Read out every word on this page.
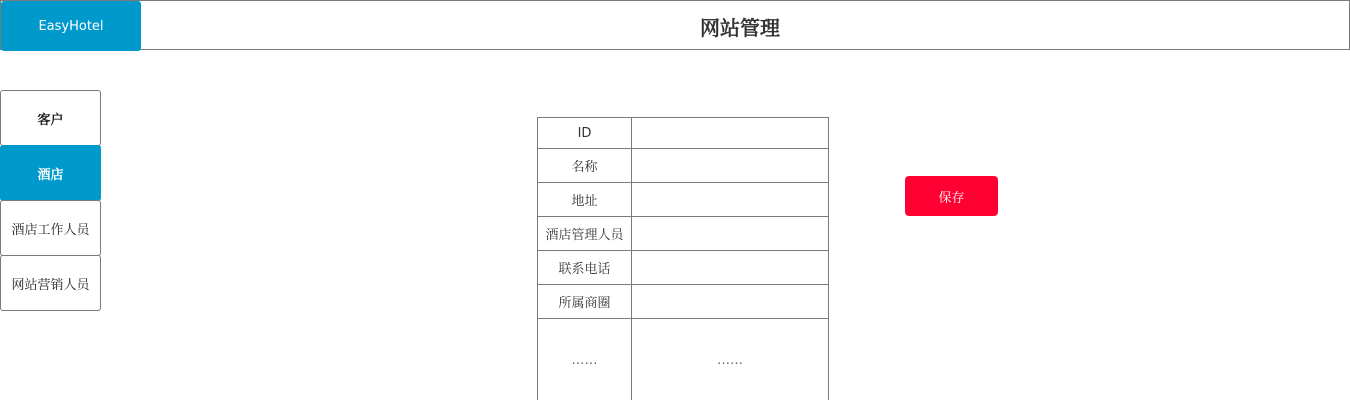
EasyHotel	网站管理
客户
酒店
酒店工作人员
网站营销人员
ID	
名称	
地址	
酒店管理人员	
联系电话	
所属商圈	
……	……
保存
